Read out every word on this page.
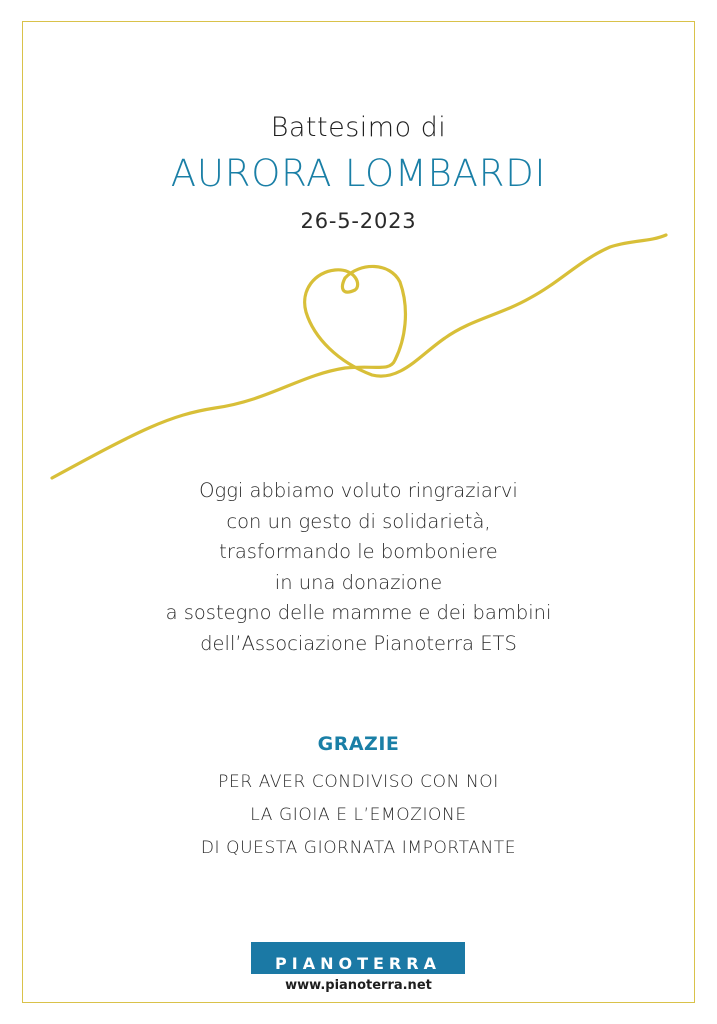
Battesimo di
AURORA LOMBARDI
26-5-2023
Oggi abbiamo voluto ringraziarvi
con un gesto di solidarietà,
trasformando le bomboniere
in una donazione
a sostegno delle mamme e dei bambini
dell’Associazione Pianoterra ETS
GRAZIE
PER AVER CONDIVISO CON NOI
LA GIOIA E L’EMOZIONE
DI QUESTA GIORNATA IMPORTANTE
PIANOTERRA
www.pianoterra.net
